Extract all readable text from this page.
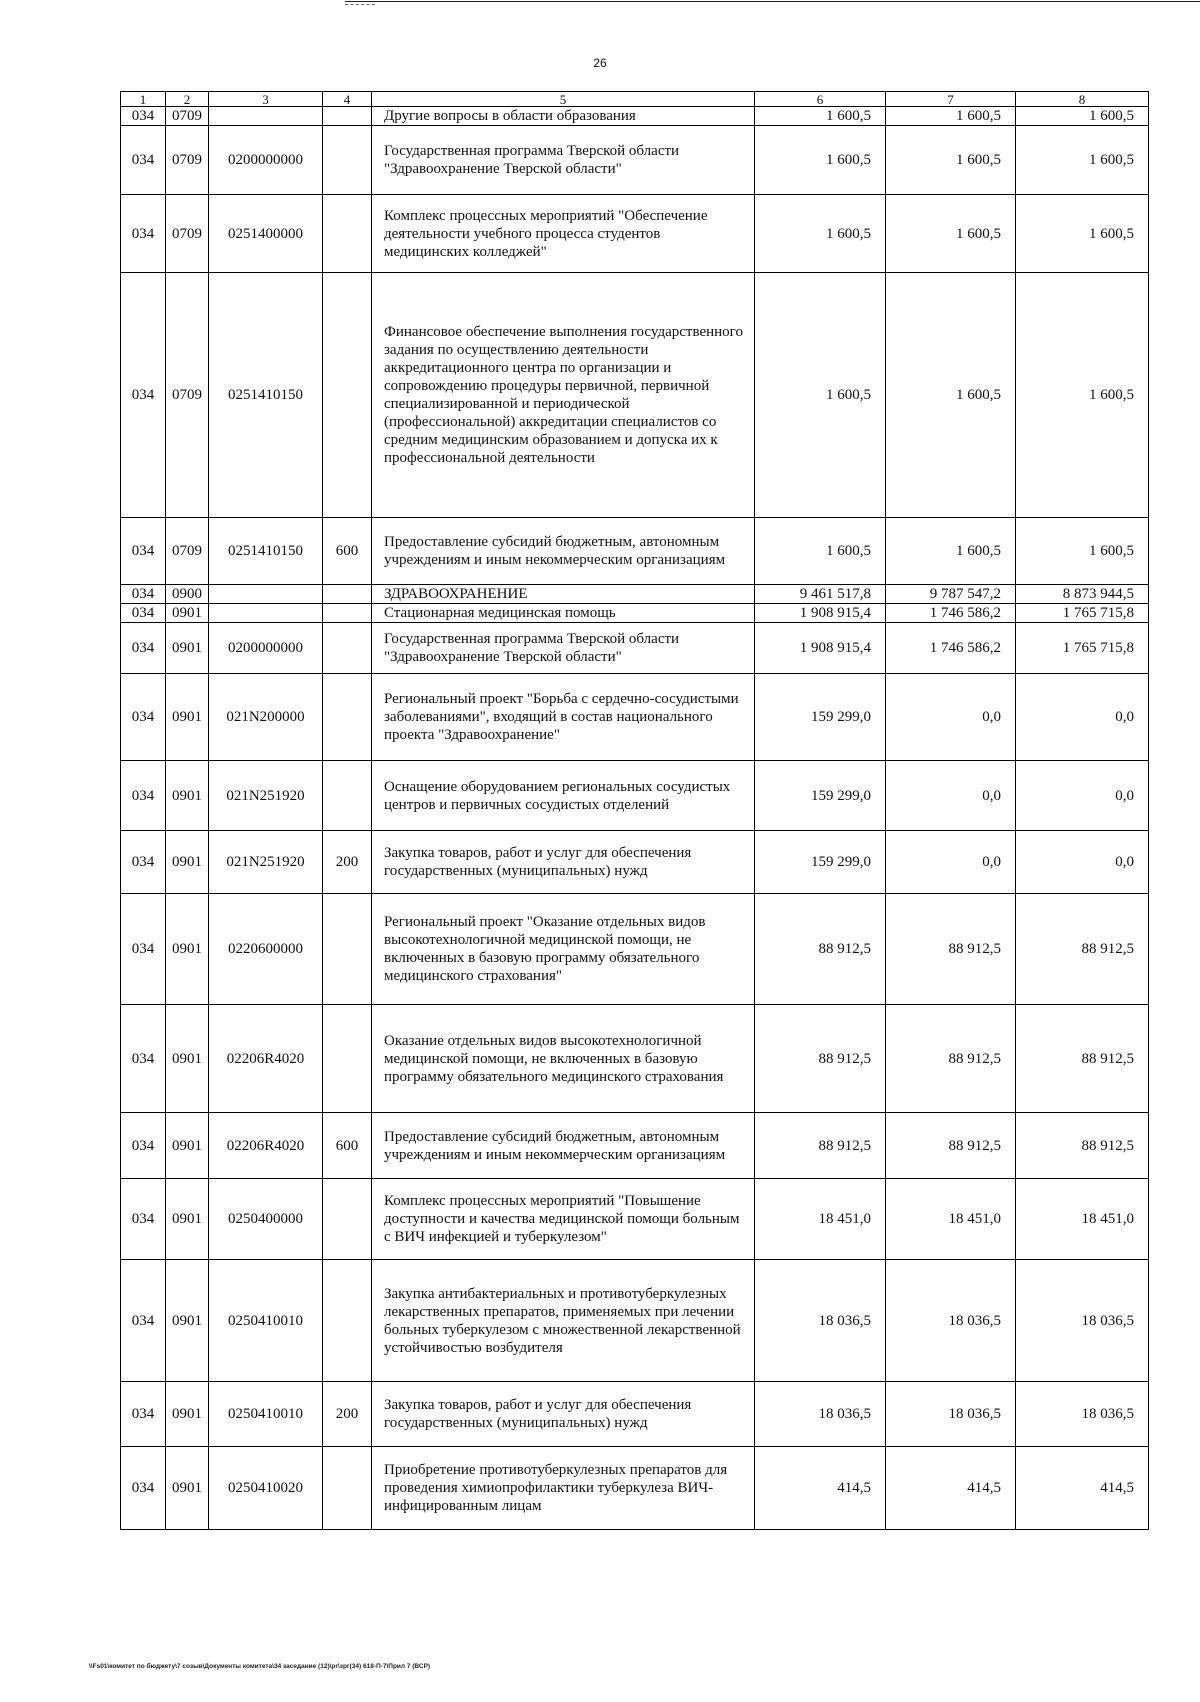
26
1	2	3	4	5	6	7	8
034	0709			Другие вопросы в области образования	1 600,5	1 600,5	1 600,5
034	0709	0200000000		Государственная программа Тверской области "Здравоохранение Тверской области"	1 600,5	1 600,5	1 600,5
034	0709	0251400000		Комплекс процессных мероприятий "Обеспечение деятельности учебного процесса студентов медицинских колледжей"	1 600,5	1 600,5	1 600,5
034	0709	0251410150		Финансовое обеспечение выполнения государственного задания по осуществлению деятельности аккредитационного центра по организации и сопровождению процедуры первичной, первичной специализированной и периодической (профессиональной) аккредитации специалистов со средним медицинским образованием и допуска их к профессиональной деятельности	1 600,5	1 600,5	1 600,5
034	0709	0251410150	600	Предоставление субсидий бюджетным, автономным учреждениям и иным некоммерческим организациям	1 600,5	1 600,5	1 600,5
034	0900			ЗДРАВООХРАНЕНИЕ	9 461 517,8	9 787 547,2	8 873 944,5
034	0901			Стационарная медицинская помощь	1 908 915,4	1 746 586,2	1 765 715,8
034	0901	0200000000		Государственная программа Тверской области "Здравоохранение Тверской области"	1 908 915,4	1 746 586,2	1 765 715,8
034	0901	021N200000		Региональный проект "Борьба с сердечно-сосудистыми заболеваниями", входящий в состав национального проекта "Здравоохранение"	159 299,0	0,0	0,0
034	0901	021N251920		Оснащение оборудованием региональных сосудистых центров и первичных сосудистых отделений	159 299,0	0,0	0,0
034	0901	021N251920	200	Закупка товаров, работ и услуг для обеспечения государственных (муниципальных) нужд	159 299,0	0,0	0,0
034	0901	0220600000		Региональный проект "Оказание отдельных видов высокотехнологичной медицинской помощи, не включенных в базовую программу обязательного медицинского страхования"	88 912,5	88 912,5	88 912,5
034	0901	02206R4020		Оказание отдельных видов высокотехнологичной медицинской помощи, не включенных в базовую программу обязательного медицинского страхования	88 912,5	88 912,5	88 912,5
034	0901	02206R4020	600	Предоставление субсидий бюджетным, автономным учреждениям и иным некоммерческим организациям	88 912,5	88 912,5	88 912,5
034	0901	0250400000		Комплекс процессных мероприятий "Повышение доступности и качества медицинской помощи больным с ВИЧ инфекцией и туберкулезом"	18 451,0	18 451,0	18 451,0
034	0901	0250410010		Закупка антибактериальных и противотуберкулезных лекарственных препаратов, применяемых при лечении больных туберкулезом с множественной лекарственной устойчивостью возбудителя	18 036,5	18 036,5	18 036,5
034	0901	0250410010	200	Закупка товаров, работ и услуг для обеспечения государственных (муниципальных) нужд	18 036,5	18 036,5	18 036,5
034	0901	0250410020		Приобретение противотуберкулезных препаратов для проведения химиопрофилактики туберкулеза ВИЧ-инфицированным лицам	414,5	414,5	414,5
\\Fs01\комитет по бюджету\7 созыв\Документы комитета\34 заседание (12)\pr\зрг(34) 618-П-7\Прил 7 (ВСР)
